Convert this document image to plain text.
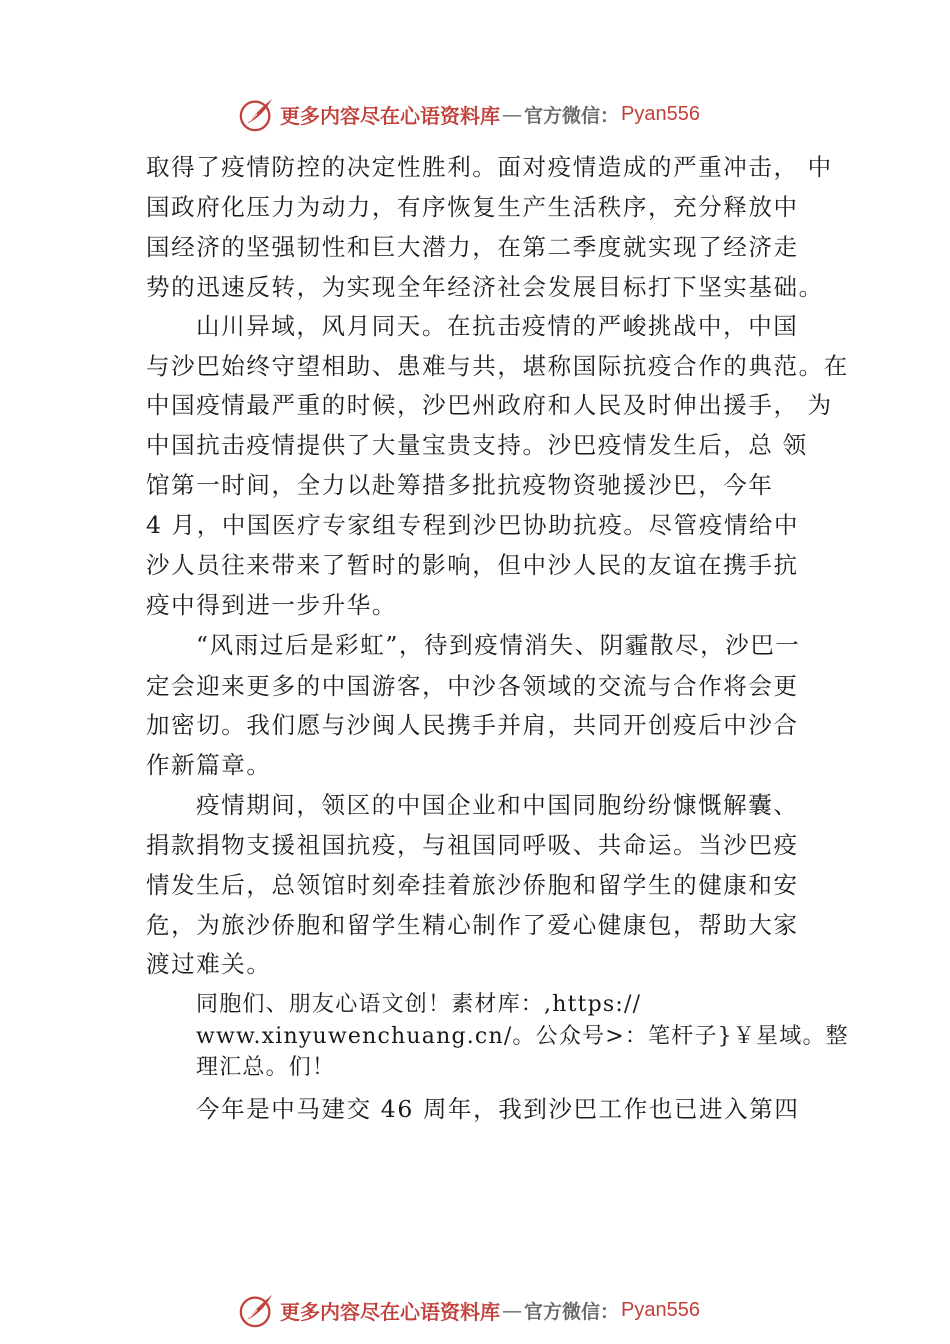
更多内容尽在心语资料库 — 官方微信： Pyan556
取得了疫情防控的决定性胜利。面对疫情造成的严重冲击， 中
国政府化压力为动力，有序恢复生产生活秩序，充分释放中
国经济的坚强韧性和巨大潜力，在第二季度就实现了经济走
势的迅速反转，为实现全年经济社会发展目标打下坚实基础。
山川异域，风月同天。在抗击疫情的严峻挑战中，中国
与沙巴始终守望相助、患难与共，堪称国际抗疫合作的典范。在
中国疫情最严重的时候，沙巴州政府和人民及时伸出援手， 为
中国抗击疫情提供了大量宝贵支持。沙巴疫情发生后，总 领
馆第一时间，全力以赴筹措多批抗疫物资驰援沙巴，今年
4 月，中国医疗专家组专程到沙巴协助抗疫。尽管疫情给中
沙人员往来带来了暂时的影响，但中沙人民的友谊在携手抗
疫中得到进一步升华。
“风雨过后是彩虹”，待到疫情消失、阴霾散尽，沙巴一
定会迎来更多的中国游客，中沙各领域的交流与合作将会更
加密切。我们愿与沙闽人民携手并肩，共同开创疫后中沙合
作新篇章。
疫情期间，领区的中国企业和中国同胞纷纷慷慨解囊、
捐款捐物支援祖国抗疫，与祖国同呼吸、共命运。当沙巴疫
情发生后，总领馆时刻牵挂着旅沙侨胞和留学生的健康和安
危，为旅沙侨胞和留学生精心制作了爱心健康包，帮助大家
渡过难关。
同胞们、朋友心语文创！素材库：,https://
www.xinyuwenchuang.cn/。公众号>：笔杆子}￥星域。整
理汇总。们！
今年是中马建交 46 周年，我到沙巴工作也已进入第四
更多内容尽在心语资料库 — 官方微信： Pyan556
